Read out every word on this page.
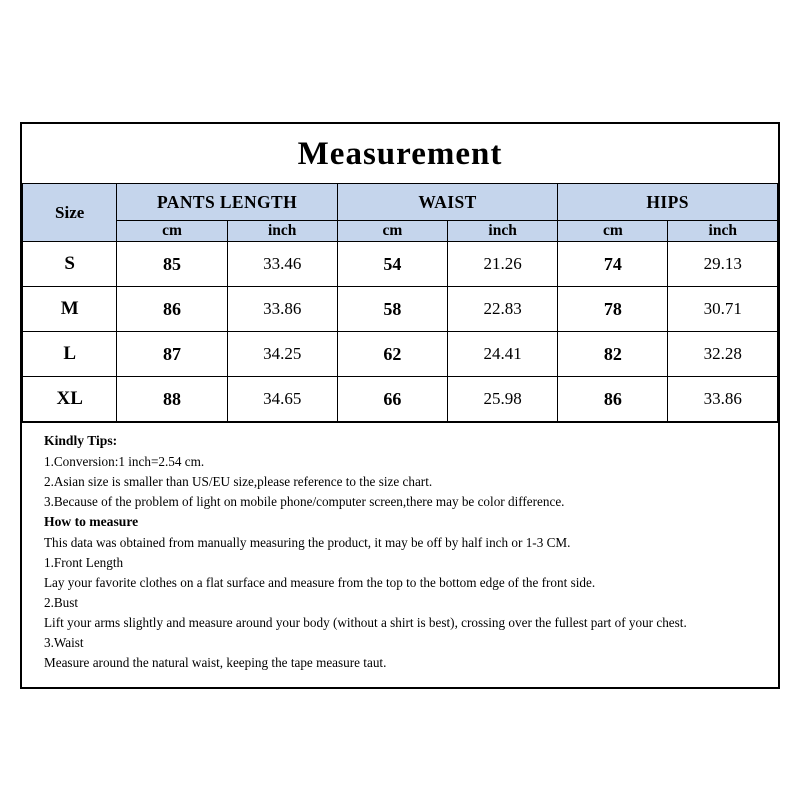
Measurement
Size	PANTS LENGTH		WAIST		HIPS	
	cm	inch	cm	inch	cm	inch
S	85	33.46	54	21.26	74	29.13
M	86	33.86	58	22.83	78	30.71
L	87	34.25	62	24.41	82	32.28
XL	88	34.65	66	25.98	86	33.86
Kindly Tips:
1.Conversion:1 inch=2.54 cm.
2.Asian size is smaller than US/EU size,please reference to the size chart.
3.Because of the problem of light on mobile phone/computer screen,there may be color difference.
How to measure
This data was obtained from manually measuring the product, it may be off by half inch or 1-3 CM.
1.Front Length
Lay your favorite clothes on a flat surface and measure from the top to the bottom edge of the front side.
2.Bust
Lift your arms slightly and measure around your body (without a shirt is best), crossing over the fullest part of your chest.
3.Waist
Measure around the natural waist, keeping the tape measure taut.
